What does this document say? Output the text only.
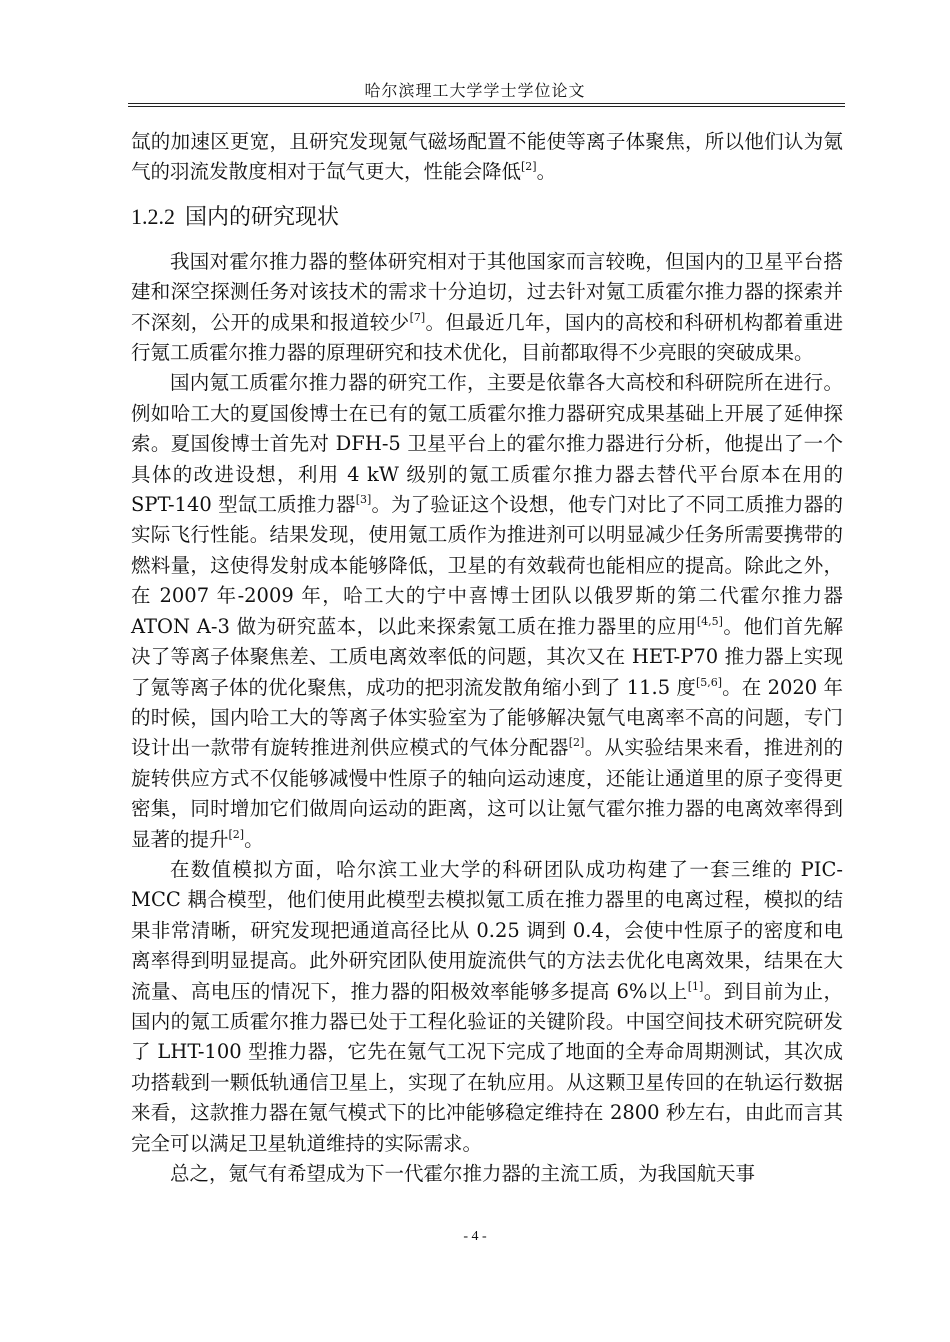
哈尔滨理工大学学士学位论文

氙的加速区更宽，且研究发现氪气磁场配置不能使等离子体聚焦，所以他们认为氪气的羽流发散度相对于氙气更大，性能会降低[2]。

1.2.2 国内的研究现状

我国对霍尔推力器的整体研究相对于其他国家而言较晚，但国内的卫星平台搭建和深空探测任务对该技术的需求十分迫切，过去针对氪工质霍尔推力器的探索并不深刻，公开的成果和报道较少[7]。但最近几年，国内的高校和科研机构都着重进行氪工质霍尔推力器的原理研究和技术优化，目前都取得不少亮眼的突破成果。

国内氪工质霍尔推力器的研究工作，主要是依靠各大高校和科研院所在进行。例如哈工大的夏国俊博士在已有的氪工质霍尔推力器研究成果基础上开展了延伸探索。夏国俊博士首先对 DFH-5 卫星平台上的霍尔推力器进行分析，他提出了一个具体的改进设想，利用 4 kW 级别的氪工质霍尔推力器去替代平台原本在用的 SPT-140 型氙工质推力器[3]。为了验证这个设想，他专门对比了不同工质推力器的实际飞行性能。结果发现，使用氪工质作为推进剂可以明显减少任务所需要携带的燃料量，这使得发射成本能够降低，卫星的有效载荷也能相应的提高。除此之外，在 2007 年-2009 年，哈工大的宁中喜博士团队以俄罗斯的第二代霍尔推力器 ATON A-3 做为研究蓝本，以此来探索氪工质在推力器里的应用[4,5]。他们首先解决了等离子体聚焦差、工质电离效率低的问题，其次又在 HET-P70 推力器上实现了氪等离子体的优化聚焦，成功的把羽流发散角缩小到了 11.5 度[5,6]。在 2020 年的时候，国内哈工大的等离子体实验室为了能够解决氪气电离率不高的问题，专门设计出一款带有旋转推进剂供应模式的气体分配器[2]。从实验结果来看，推进剂的旋转供应方式不仅能够减慢中性原子的轴向运动速度，还能让通道里的原子变得更密集，同时增加它们做周向运动的距离，这可以让氪气霍尔推力器的电离效率得到显著的提升[2]。

在数值模拟方面，哈尔滨工业大学的科研团队成功构建了一套三维的 PIC-MCC 耦合模型，他们使用此模型去模拟氪工质在推力器里的电离过程，模拟的结果非常清晰，研究发现把通道高径比从 0.25 调到 0.4，会使中性原子的密度和电离率得到明显提高。此外研究团队使用旋流供气的方法去优化电离效果，结果在大流量、高电压的情况下，推力器的阳极效率能够多提高 6%以上[1]。到目前为止，国内的氪工质霍尔推力器已处于工程化验证的关键阶段。中国空间技术研究院研发了 LHT-100 型推力器，它先在氪气工况下完成了地面的全寿命周期测试，其次成功搭载到一颗低轨通信卫星上，实现了在轨应用。从这颗卫星传回的在轨运行数据来看，这款推力器在氪气模式下的比冲能够稳定维持在 2800 秒左右，由此而言其完全可以满足卫星轨道维持的实际需求。

总之，氪气有希望成为下一代霍尔推力器的主流工质，为我国航天事

- 4 -
